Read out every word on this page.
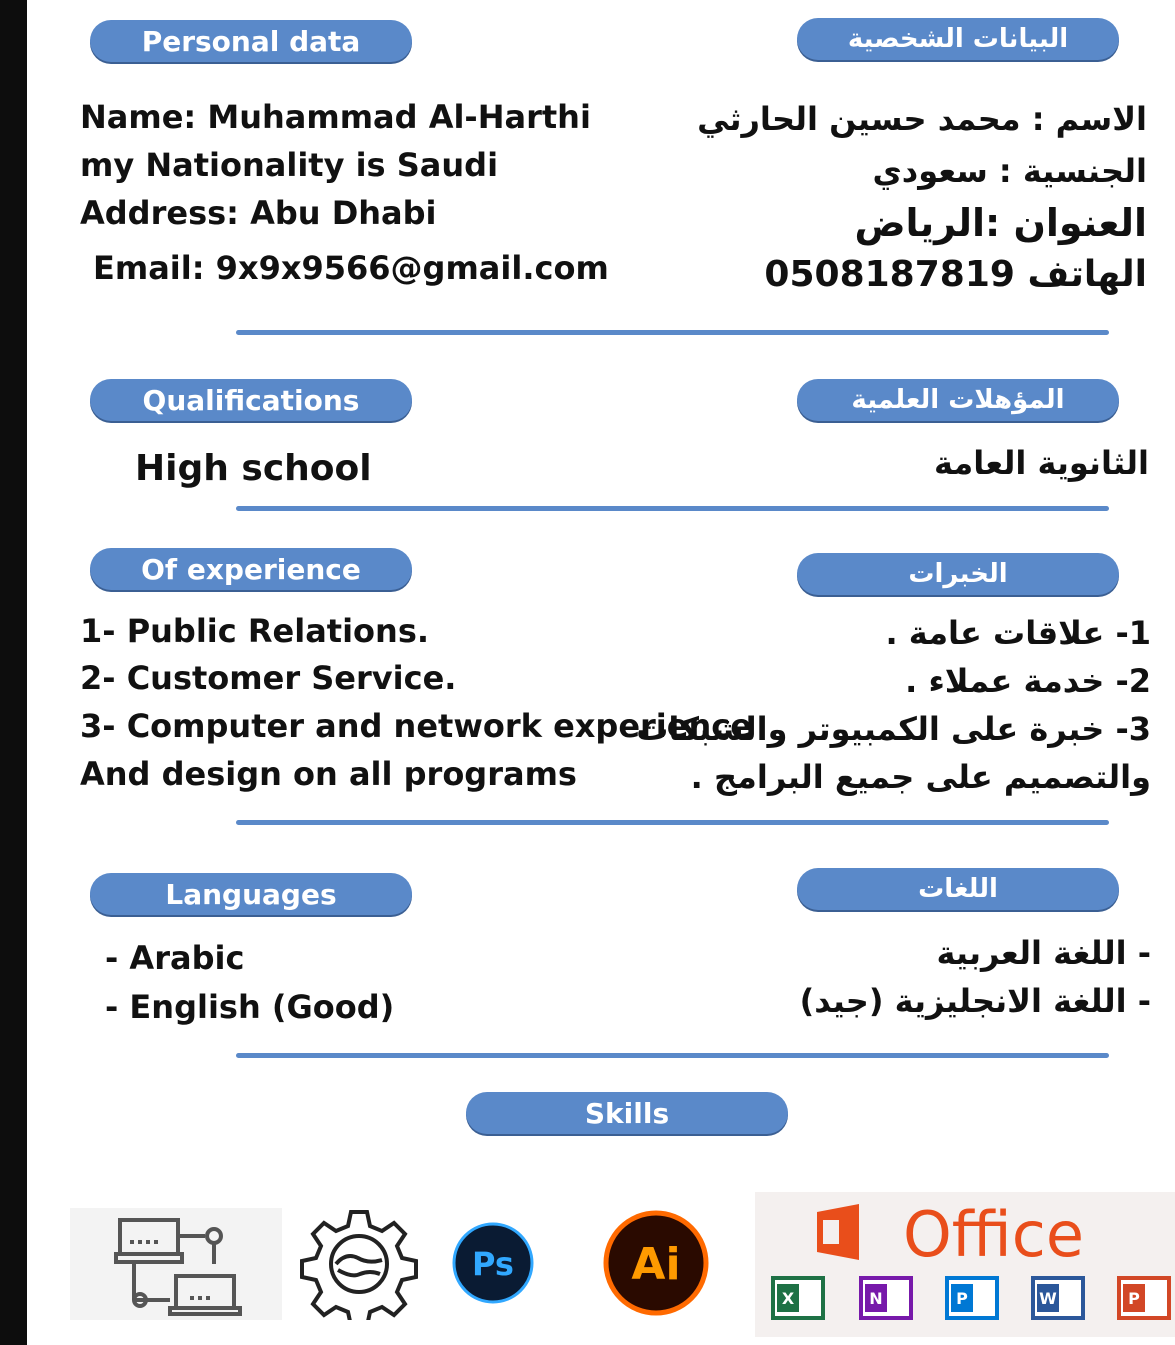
Personal data	البيانات الشخصية
Name: Muhammad Al-Harthi
my Nationality is Saudi
Address: Abu Dhabi
Email: 9x9x9566@gmail.com
الاسم : محمد حسين الحارثي
الجنسية : سعودي
العنوان :الرياض
الهاتف 0508187819
Qualifications	المؤهلات العلمية
High school	الثانوية العامة
Of experience	الخبرات
1- Public Relations.
2- Customer Service.
3- Computer and network experience
And design on all programs
1- علاقات عامة .
2- خدمة عملاء .
3- خبرة على الكمبيوتر والشبكات
والتصميم على جميع البرامج .
Languages	اللغات
- Arabic
- English (Good)
- اللغة العربية
- اللغة الانجليزية (جيد)
Skills
Ps	Ai	Office
X	N	P	W	P
